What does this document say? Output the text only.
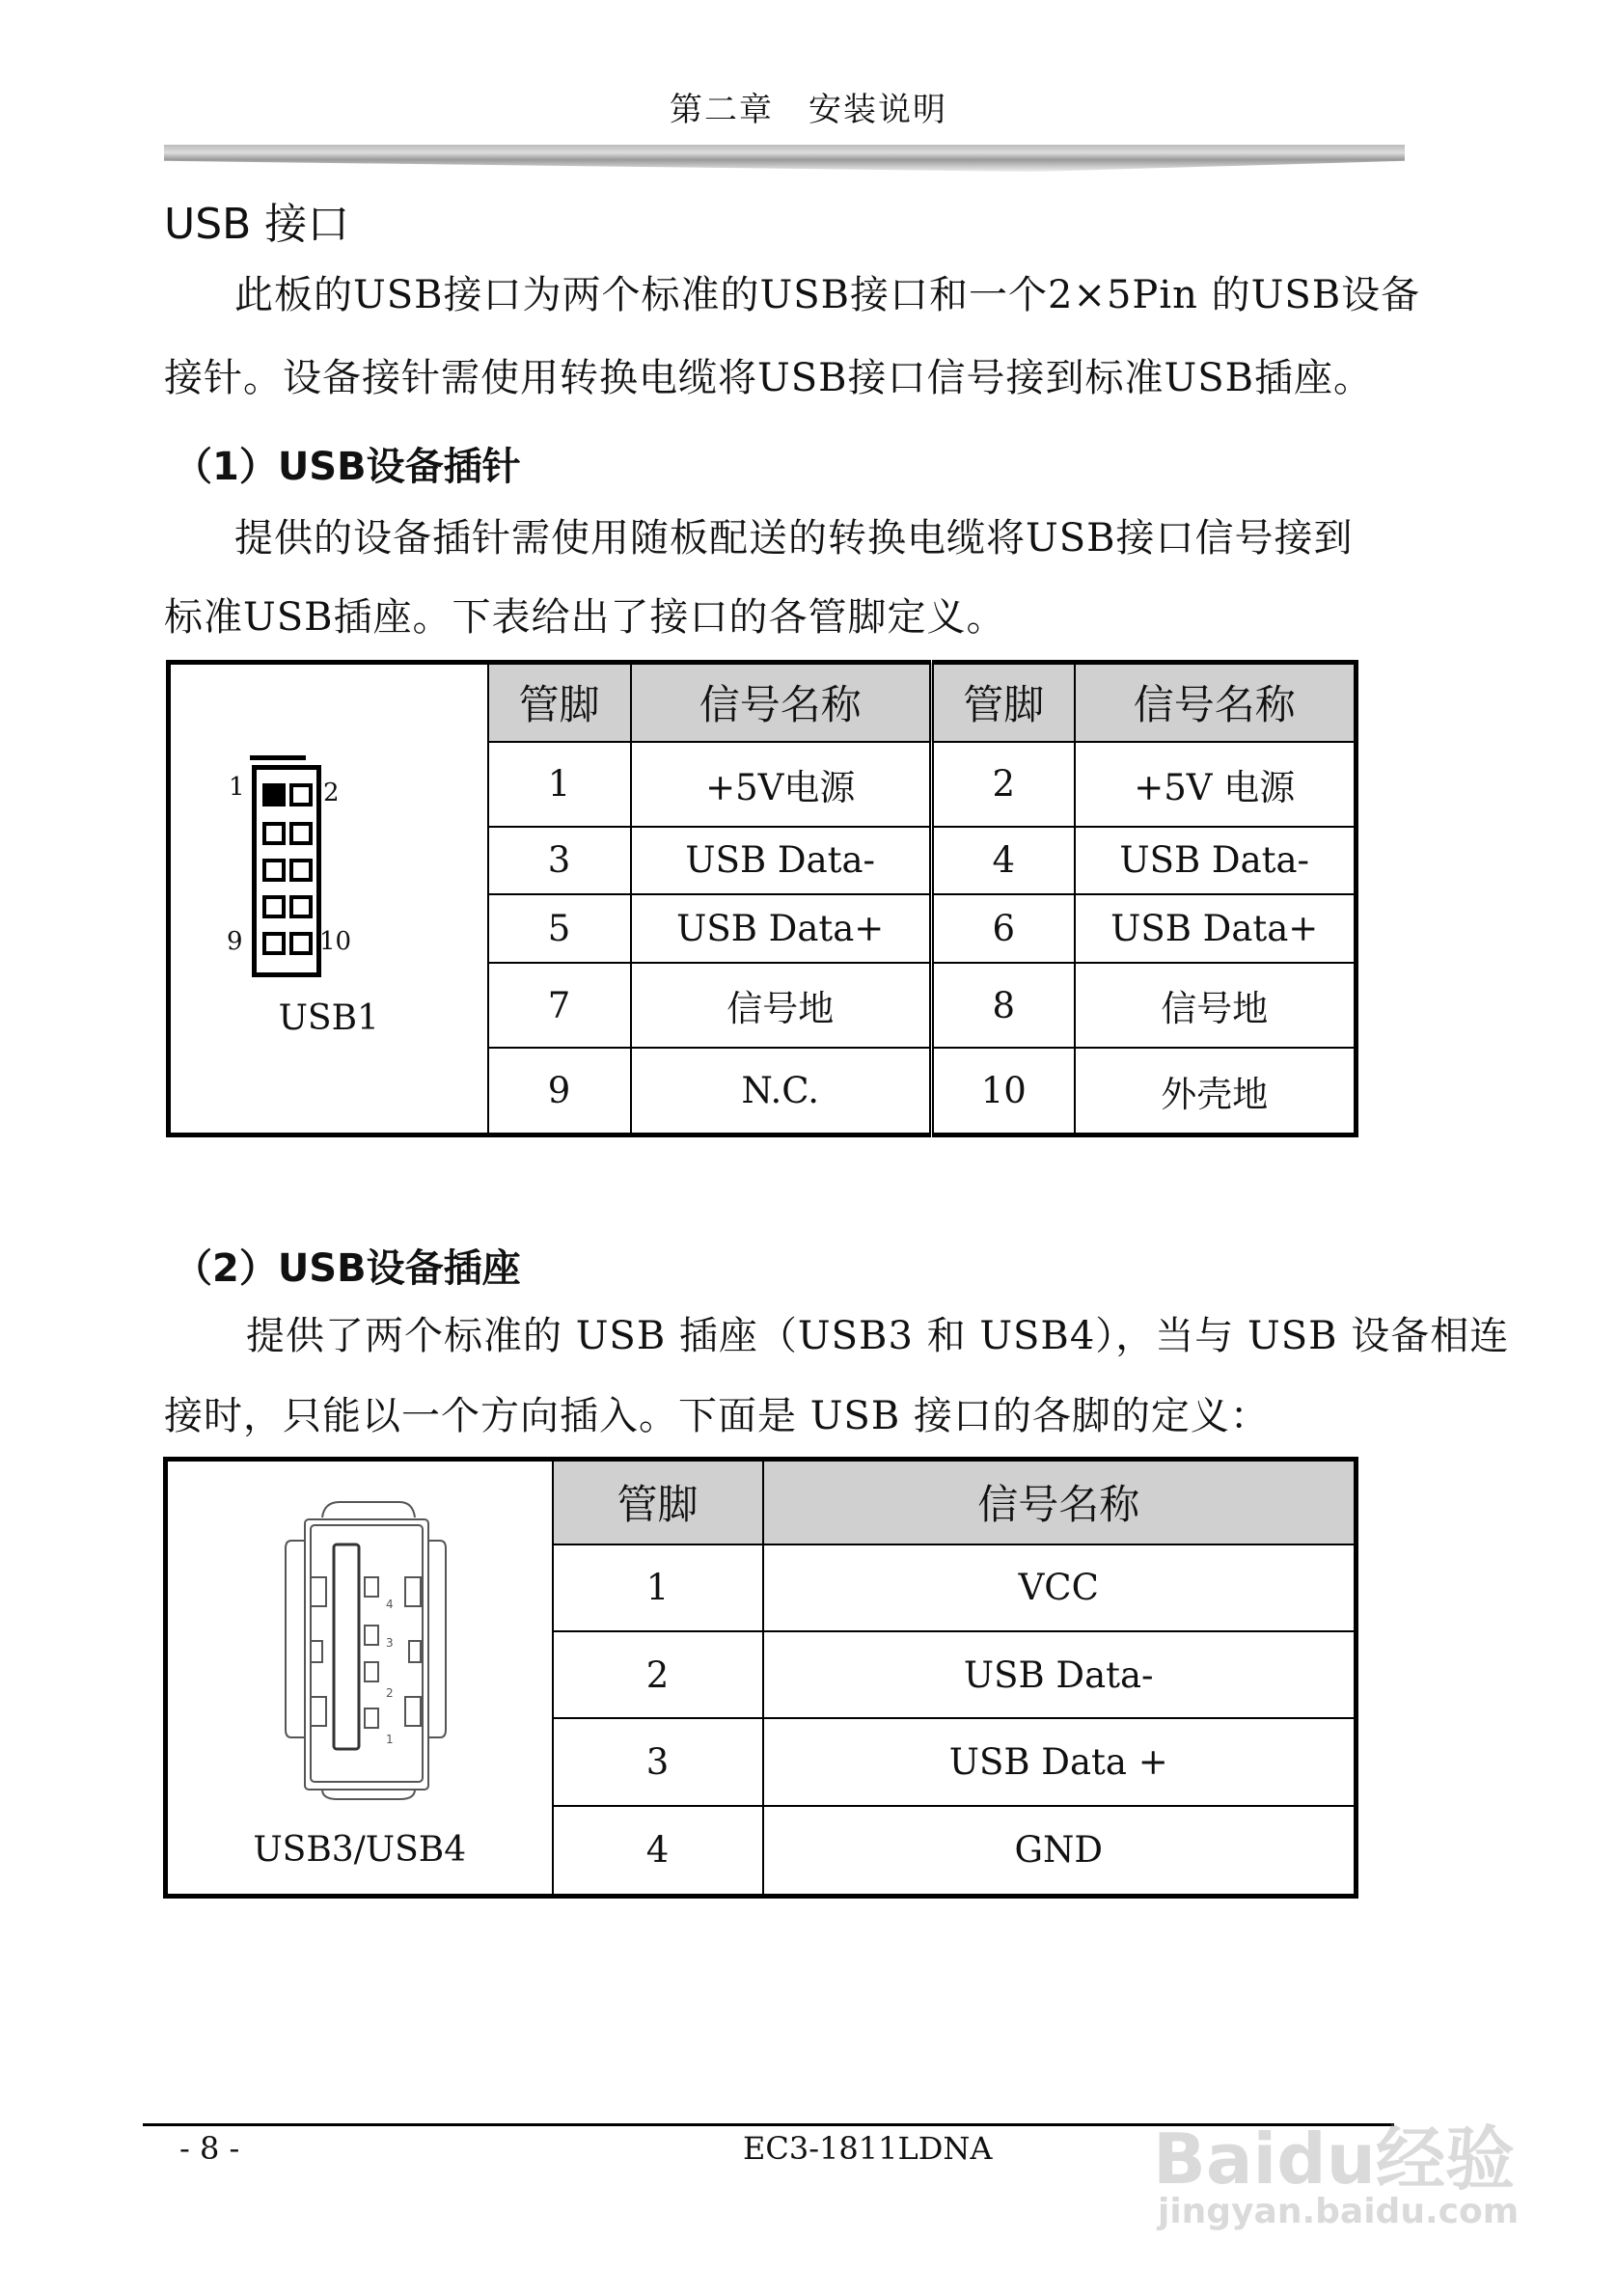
第二章　安装说明
USB 接口
此板的USB接口为两个标准的USB接口和一个2×5Pin 的USB设备
接针。设备接针需使用转换电缆将USB接口信号接到标准USB插座。
（1）USB设备插针
提供的设备插针需使用随板配送的转换电缆将USB接口信号接到
标准USB插座。下表给出了接口的各管脚定义。
1 2
9 10
USB1	管脚	信号名称	管脚	信号名称
	1	+5V电源	2	+5V 电源
	3	USB Data-	4	USB Data-
	5	USB Data+	6	USB Data+
	7	信号地	8	信号地
	9	N.C.	10	外壳地
（2）USB设备插座
提供了两个标准的 USB 插座（USB3 和 USB4），当与 USB 设备相连
接时，只能以一个方向插入。下面是 USB 接口的各脚的定义：
4
3
2
1
USB3/USB4	管脚	信号名称
	1	VCC
	2	USB Data-
	3	USB Data +
	4	GND
- 8 -	EC3-1811LDNA Baidu经验
jingyan.baidu.com
